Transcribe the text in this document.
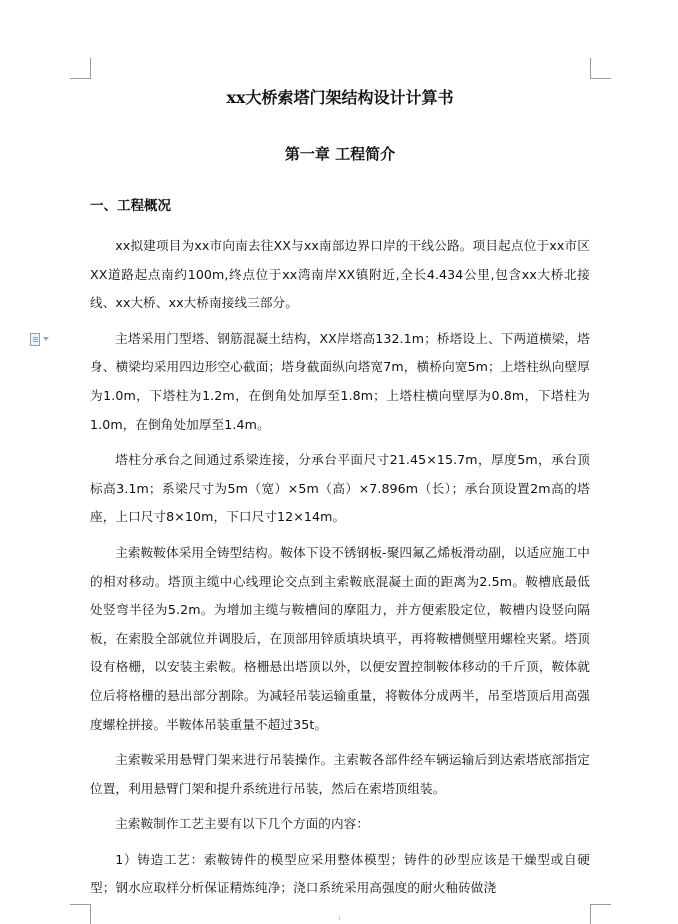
xx大桥索塔门架结构设计计算书
第一章 工程简介
一、工程概况

xx拟建项目为xx市向南去往XX与xx南部边界口岸的干线公路。项目起点位于xx市区XX道路起点南约100m,终点位于xx湾南岸XX镇附近,全长4.434公里,包含xx大桥北接线、xx大桥、xx大桥南接线三部分。

主塔采用门型塔、钢筋混凝土结构，XX岸塔高132.1m；桥塔设上、下两道横梁，塔身、横梁均采用四边形空心截面；塔身截面纵向塔宽7m，横桥向宽5m；上塔柱纵向壁厚为1.0m，下塔柱为1.2m，在倒角处加厚至1.8m；上塔柱横向壁厚为0.8m，下塔柱为1.0m，在倒角处加厚至1.4m。

塔柱分承台之间通过系梁连接，分承台平面尺寸21.45×15.7m，厚度5m，承台顶标高3.1m；系梁尺寸为5m（宽）×5m（高）×7.896m（长）；承台顶设置2m高的塔座，上口尺寸8×10m，下口尺寸12×14m。

主索鞍鞍体采用全铸型结构。鞍体下设不锈钢板-聚四氟乙烯板滑动副，以适应施工中的相对移动。塔顶主缆中心线理论交点到主索鞍底混凝土面的距离为2.5m。鞍槽底最低处竖弯半径为5.2m。为增加主缆与鞍槽间的摩阻力，并方便索股定位，鞍槽内设竖向隔板，在索股全部就位并调股后，在顶部用锌质填块填平，再将鞍槽侧壁用螺栓夹紧。塔顶设有格栅，以安装主索鞍。格栅悬出塔顶以外，以便安置控制鞍体移动的千斤顶，鞍体就位后将格栅的悬出部分割除。为减轻吊装运输重量，将鞍体分成两半，吊至塔顶后用高强度螺栓拼接。半鞍体吊装重量不超过35t。

主索鞍采用悬臂门架来进行吊装操作。主索鞍各部件经车辆运输后到达索塔底部指定位置，利用悬臂门架和提升系统进行吊装，然后在索塔顶组装。

主索鞍制作工艺主要有以下几个方面的内容：

1）铸造工艺：索鞍铸件的模型应采用整体模型；铸件的砂型应该是干燥型或自硬型；钢水应取样分析保证精炼纯净；浇口系统采用高强度的耐火釉砖做浇
